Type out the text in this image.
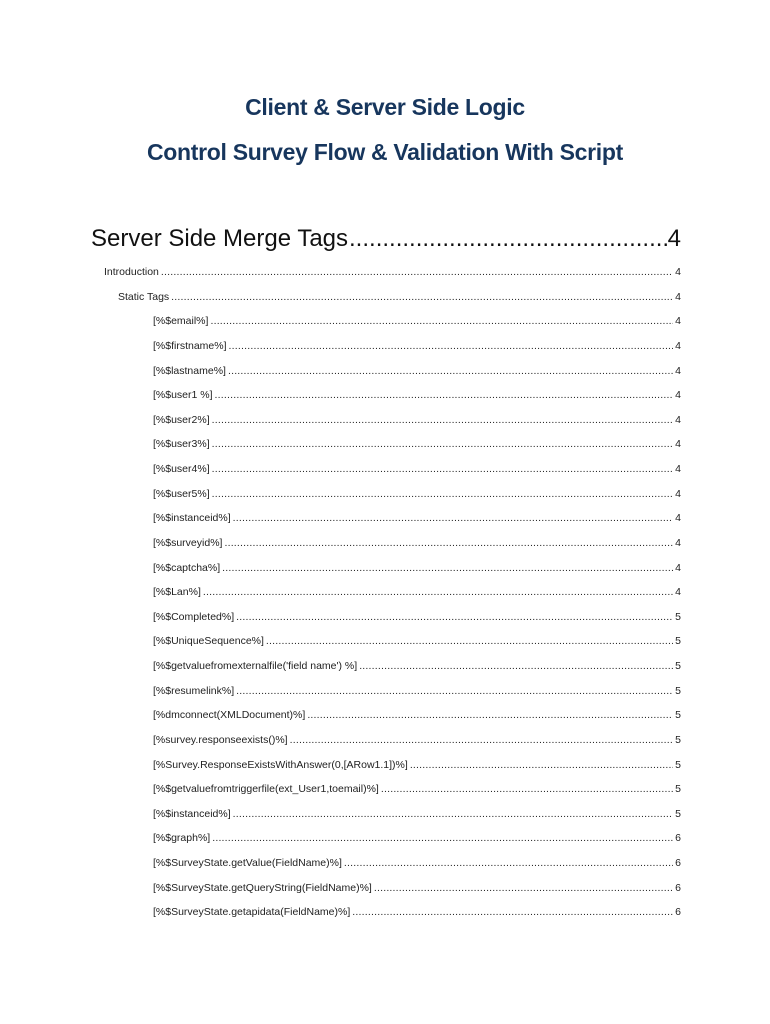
Client & Server Side Logic
Control Survey Flow & Validation With Script
Server Side Merge Tags .....	4
Introduction .....	4
Static Tags .....	4
[%$email%] .....	4
[%$firstname%] .....	4
[%$lastname%] .....	4
[%$user1 %] .....	4
[%$user2%] .....	4
[%$user3%] .....	4
[%$user4%] .....	4
[%$user5%] .....	4
[%$instanceid%] .....	4
[%$surveyid%] .....	4
[%$captcha%] .....	4
[%$Lan%] .....	4
[%$Completed%] .....	5
[%$UniqueSequence%] .....	5
[%$getvaluefromexternalfile('field name') %] .....	5
[%$resumelink%] .....	5
[%dmconnect(XMLDocument)%] .....	5
[%survey.responseexists()%] .....	5
[%Survey.ResponseExistsWithAnswer(0,[ARow1.1])%] .....	5
[%$getvaluefromtriggerfile(ext_User1,toemail)%] .....	5
[%$instanceid%] .....	5
[%$graph%] .....	6
[%$SurveyState.getValue(FieldName)%] .....	6
[%$SurveyState.getQueryString(FieldName)%] .....	6
[%$SurveyState.getapidata(FieldName)%] .....	6
